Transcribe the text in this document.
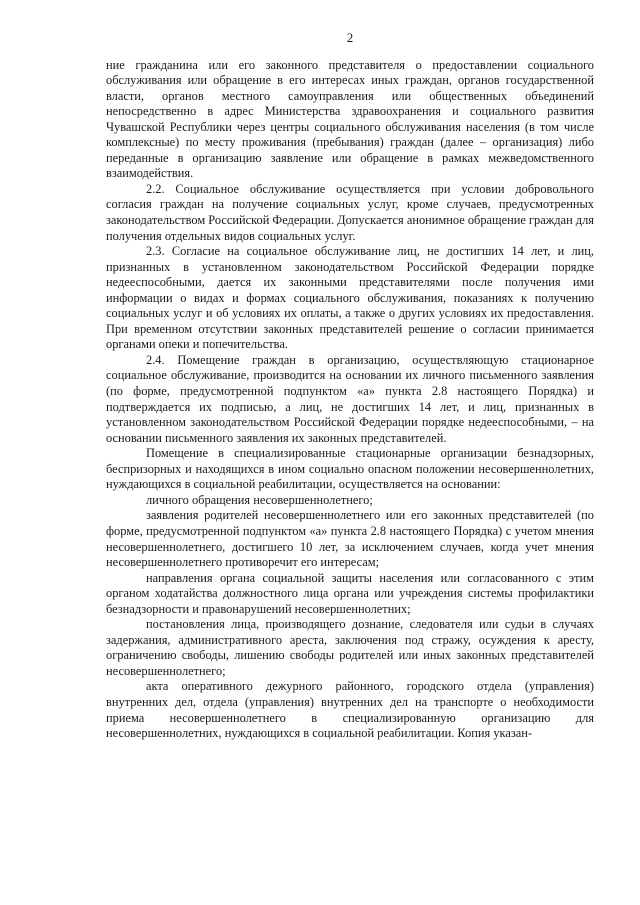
2

ние гражданина или его законного представителя о предоставлении социального обслуживания или обращение в его интересах иных граждан, органов государственной власти, органов местного самоуправления или общественных объединений непосредственно в адрес Министерства здравоохранения и социального развития Чувашской Республики через центры социального обслуживания населения (в том числе комплексные) по месту проживания (пребывания) граждан (далее – организация) либо переданные в организацию заявление или обращение в рамках межведомственного взаимодействия.

2.2. Социальное обслуживание осуществляется при условии добровольного согласия граждан на получение социальных услуг, кроме случаев, предусмотренных законодательством Российской Федерации. Допускается анонимное обращение граждан для получения отдельных видов социальных услуг.

2.3. Согласие на социальное обслуживание лиц, не достигших 14 лет, и лиц, признанных в установленном законодательством Российской Федерации порядке недееспособными, дается их законными представителями после получения ими информации о видах и формах социального обслуживания, показаниях к получению социальных услуг и об условиях их оплаты, а также о других условиях их предоставления. При временном отсутствии законных представителей решение о согласии принимается органами опеки и попечительства.

2.4. Помещение граждан в организацию, осуществляющую стационарное социальное обслуживание, производится на основании их личного письменного заявления (по форме, предусмотренной подпунктом «а» пункта 2.8 настоящего Порядка) и подтверждается их подписью, а лиц, не достигших 14 лет, и лиц, признанных в установленном законодательством Российской Федерации порядке недееспособными, – на основании письменного заявления их законных представителей.

Помещение в специализированные стационарные организации безнадзорных, беспризорных и находящихся в ином социально опасном положении несовершеннолетних, нуждающихся в социальной реабилитации, осуществляется на основании:

личного обращения несовершеннолетнего;

заявления родителей несовершеннолетнего или его законных представителей (по форме, предусмотренной подпунктом «а» пункта 2.8 настоящего Порядка) с учетом мнения несовершеннолетнего, достигшего 10 лет, за исключением случаев, когда учет мнения несовершеннолетнего противоречит его интересам;

направления органа социальной защиты населения или согласованного с этим органом ходатайства должностного лица органа или учреждения системы профилактики безнадзорности и правонарушений несовершеннолетних;

постановления лица, производящего дознание, следователя или судьи в случаях задержания, административного ареста, заключения под стражу, осуждения к аресту, ограничению свободы, лишению свободы родителей или иных законных представителей несовершеннолетнего;

акта оперативного дежурного районного, городского отдела (управления) внутренних дел, отдела (управления) внутренних дел на транспорте о необходимости приема несовершеннолетнего в специализированную организацию для несовершеннолетних, нуждающихся в социальной реабилитации. Копия указан-
